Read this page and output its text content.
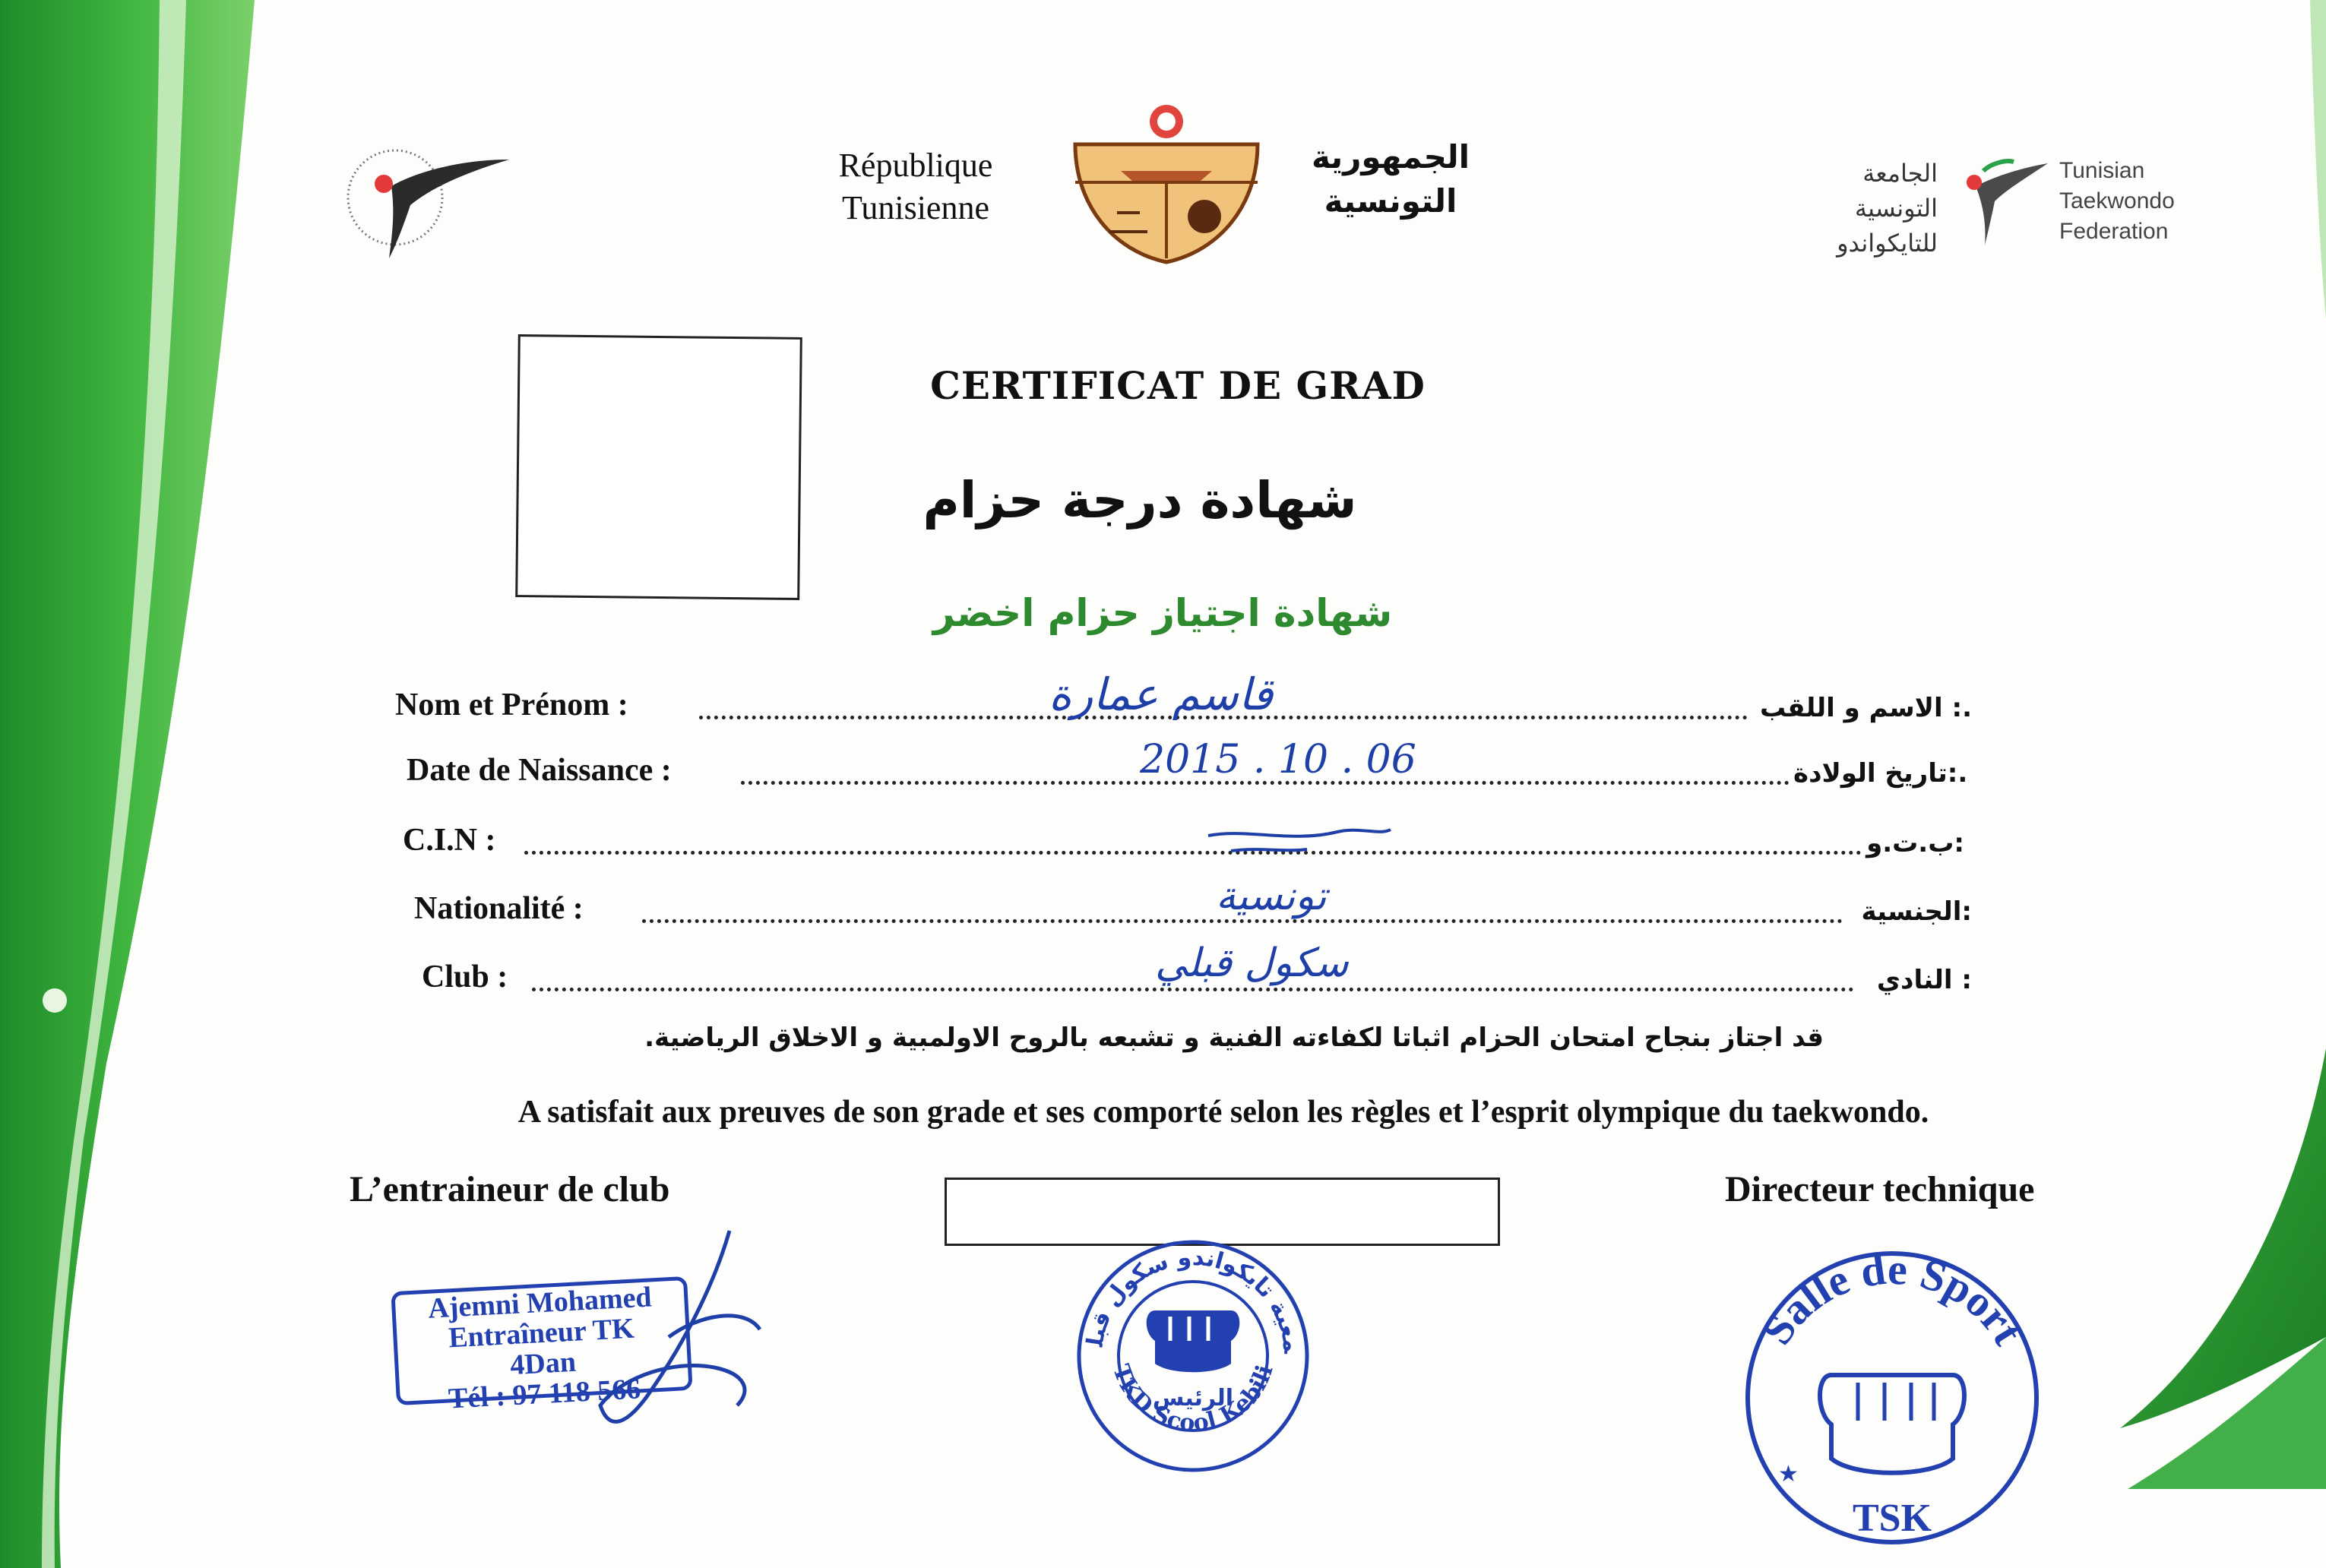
République
Tunisienne
الجمهورية
التونسية
الجامعة
التونسية
للتايكواندو
Tunisian
Taekwondo
Federation
CERTIFICAT DE GRAD
شهادة درجة حزام
شهادة اجتياز حزام اخضر
Nom et Prénom :	قاسم عمارة	الاسم و اللقب :.
Date de Naissance :	2015 . 10 . 06	تاريخ الولادة:.
C.I.N :	ب.ت.و:
Nationalité :	تونسية	الجنسية:
Club :	سكول قبلي	النادي :
قد اجتاز بنجاح امتحان الحزام اثباتا لكفاءته الفنية و تشبعه بالروح الاولمبية و الاخلاق الرياضية.
A satisfait aux preuves de son grade et ses comporté selon les règles et l’esprit olympique du taekwondo.
L’entraineur de club	Directeur technique
Ajemni Mohamed
Entraîneur TK
4Dan
Tél : 97 118 566
معية تايكواندو سكول قبل
TKD Scool Kebili
الرئيس
Salle de Sport
TSK
★
